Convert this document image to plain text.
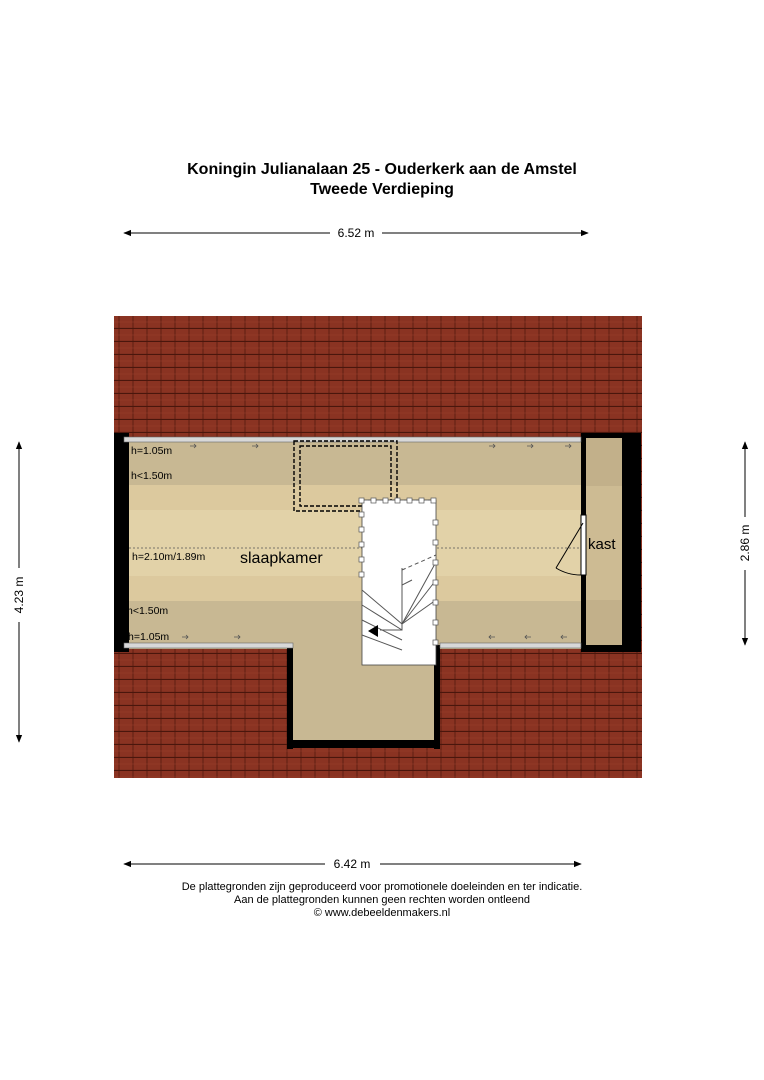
Koningin Julianalaan 25 - Ouderkerk aan de Amstel
Tweede Verdieping
h=1.05m
h<1.50m
h=2.10m/1.89m
h<1.50m
h=1.05m
slaapkamer
kast
6.52 m
6.42 m
4.23 m
2.86 m
De plattegronden zijn geproduceerd voor promotionele doeleinden en ter indicatie.
Aan de plattegronden kunnen geen rechten worden ontleend
© www.debeeldenmakers.nl
